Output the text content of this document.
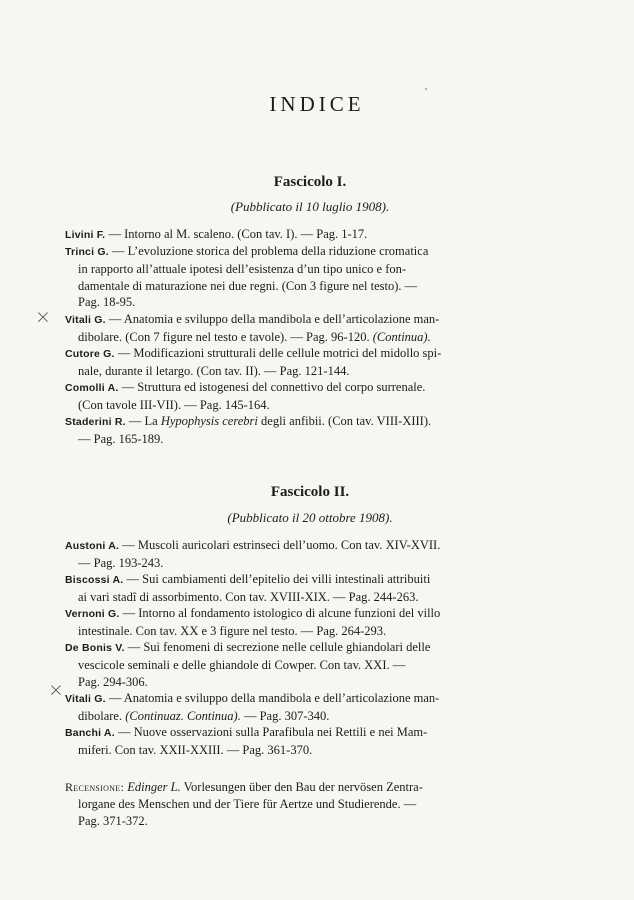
INDICE
Fascicolo I.
(Pubblicato il 10 luglio 1908).
Livini F. — Intorno al M. scaleno. (Con tav. I). — Pag. 1-17.
Trinci G. — L’evoluzione storica del problema della riduzione cromatica
in rapporto all’attuale ipotesi dell’esistenza d’un tipo unico e fon-
damentale di maturazione nei due regni. (Con 3 figure nel testo). —
Pag. 18-95.
Vitali G. — Anatomia e sviluppo della mandibola e dell’articolazione man-
dibolare. (Con 7 figure nel testo e tavole). — Pag. 96-120. (Continua).
Cutore G. — Modificazioni strutturali delle cellule motrici del midollo spi-
nale, durante il letargo. (Con tav. II). — Pag. 121-144.
Comolli A. — Struttura ed istogenesi del connettivo del corpo surrenale.
(Con tavole III-VII). — Pag. 145-164.
Staderini R. — La Hypophysis cerebri degli anfibii. (Con tav. VIII-XIII).
— Pag. 165-189.
Fascicolo II.
(Pubblicato il 20 ottobre 1908).
Austoni A. — Muscoli auricolari estrinseci dell’uomo. Con tav. XIV-XVII.
— Pag. 193-243.
Biscossi A. — Sui cambiamenti dell’epitelio dei villi intestinali attribuiti
ai vari stadî di assorbimento. Con tav. XVIII-XIX. — Pag. 244-263.
Vernoni G. — Intorno al fondamento istologico di alcune funzioni del villo
intestinale. Con tav. XX e 3 figure nel testo. — Pag. 264-293.
De Bonis V. — Sui fenomeni di secrezione nelle cellule ghiandolari delle
vescicole seminali e delle ghiandole di Cowper. Con tav. XXI. —
Pag. 294-306.
Vitali G. — Anatomia e sviluppo della mandibola e dell’articolazione man-
dibolare. (Continuaz. Continua). — Pag. 307-340.
Banchi A. — Nuove osservazioni sulla Parafibula nei Rettili e nei Mam-
miferi. Con tav. XXII-XXIII. — Pag. 361-370.
Recensione: Edinger L. Vorlesungen über den Bau der nervösen Zentra-
lorgane des Menschen und der Tiere für Aertze und Studierende. —
Pag. 371-372.
×
×
